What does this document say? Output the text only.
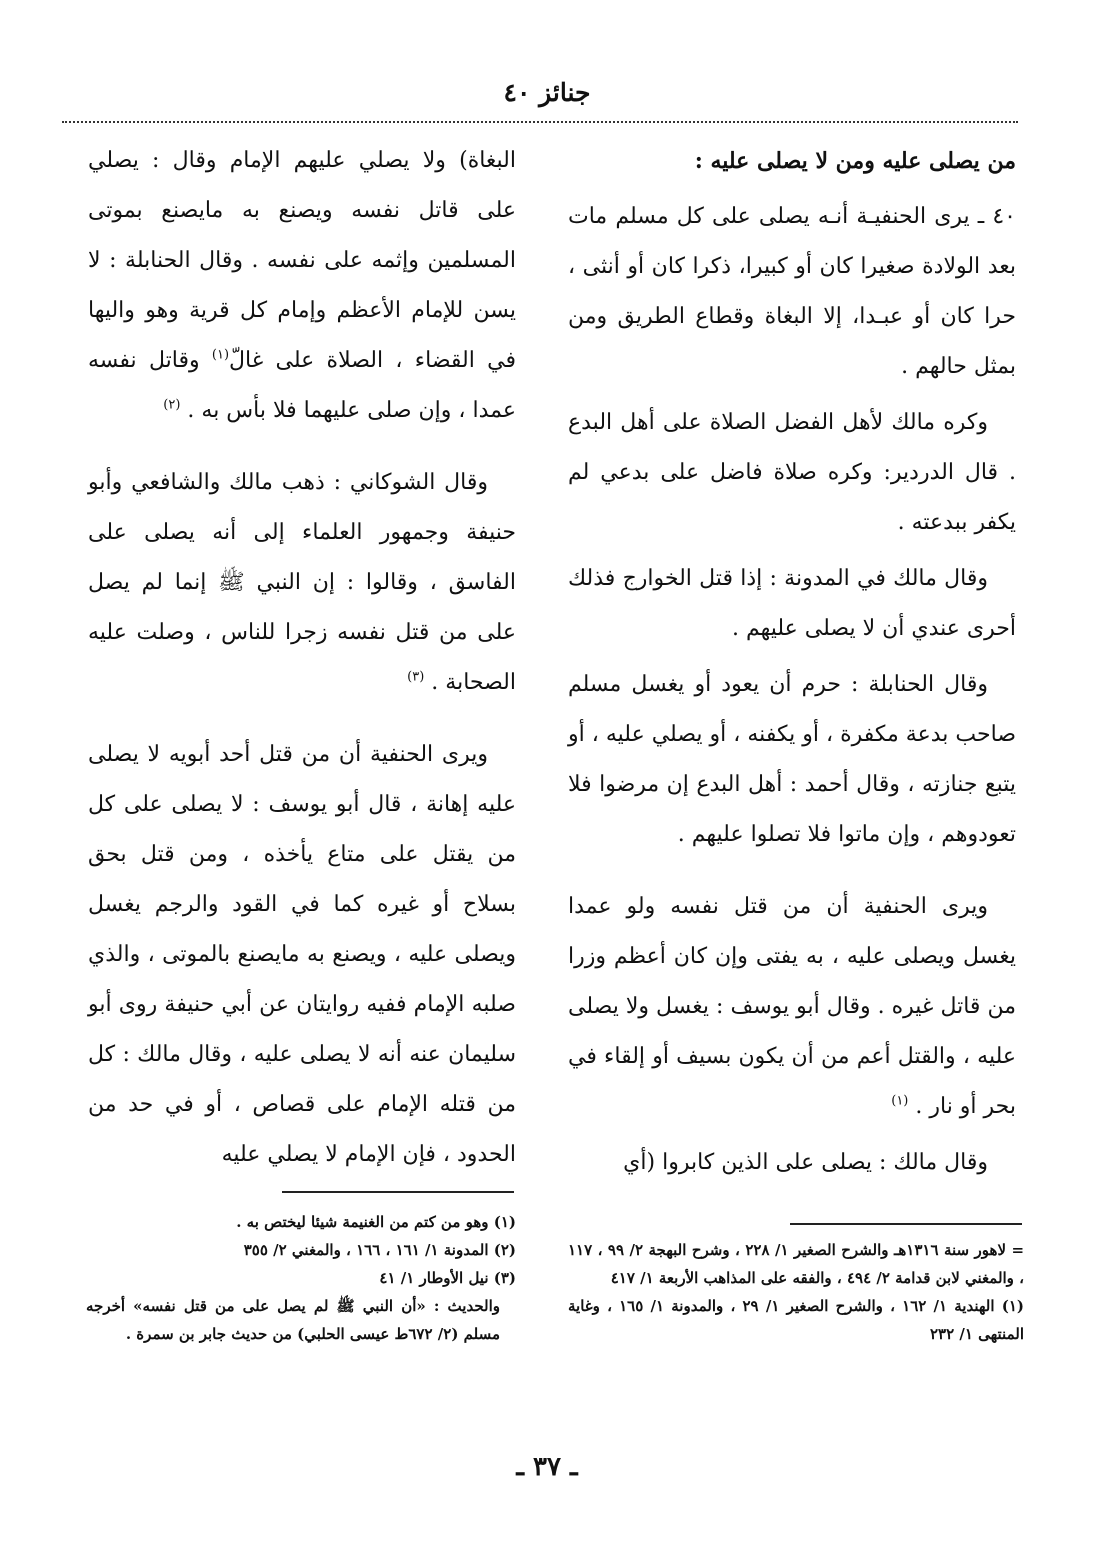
جنائز ٤٠

من يصلى عليه ومن لا يصلى عليه :

٤٠ ـ يرى الحنفيـة أنـه يصلى على كل مسلم مات بعد الولادة صغيرا كان أو كبيرا، ذكرا كان أو أنثى ، حرا كان أو عبـدا، إلا البغاة وقطاع الطريق ومن بمثل حالهم .

وكره مالك لأهل الفضل الصلاة على أهل البدع . قال الدردير: وكره صلاة فاضل على بدعي لم يكفر ببدعته .

وقال مالك في المدونة : إذا قتل الخوارج فذلك أحرى عندي أن لا يصلى عليهم .

وقال الحنابلة : حرم أن يعود أو يغسل مسلم صاحب بدعة مكفرة ، أو يكفنه ، أو يصلي عليه ، أو يتبع جنازته ، وقال أحمد : أهل البدع إن مرضوا فلا تعودوهم ، وإن ماتوا فلا تصلوا عليهم .

ويرى الحنفية أن من قتل نفسه ولو عمدا يغسل ويصلى عليه ، به يفتى وإن كان أعظم وزرا من قاتل غيره . وقال أبو يوسف : يغسل ولا يصلى عليه ، والقتل أعم من أن يكون بسيف أو إلقاء في بحر أو نار . $^{(١)}$

وقال مالك : يصلى على الذين كابروا (أي

البغاة) ولا يصلي عليهم الإمام وقال : يصلي على قاتل نفسه ويصنع به مايصنع بموتى المسلمين وإثمه على نفسه . وقال الحنابلة : لا يسن للإمام الأعظم وإمام كل قرية وهو واليها في القضاء ، الصلاة على غالّ$^{(١)}$ وقاتل نفسه عمدا ، وإن صلى عليهما فلا بأس به . $^{(٢)}$

وقال الشوكاني : ذهب مالك والشافعي وأبو حنيفة وجمهور العلماء إلى أنه يصلى على الفاسق ، وقالوا : إن النبي ﷺ إنما لم يصل على من قتل نفسه زجرا للناس ، وصلت عليه الصحابة . $^{(٣)}$

ويرى الحنفية أن من قتل أحد أبويه لا يصلى عليه إهانة ، قال أبو يوسف : لا يصلى على كل من يقتل على متاع يأخذه ، ومن قتل بحق بسلاح أو غيره كما في القود والرجم يغسل ويصلى عليه ، ويصنع به مايصنع بالموتى ، والذي صلبه الإمام ففيه روايتان عن أبي حنيفة روى أبو سليمان عنه أنه لا يصلى عليه ، وقال مالك : كل من قتله الإمام على قصاص ، أو في حد من الحدود ، فإن الإمام لا يصلي عليه

(١) وهو من كتم من الغنيمة شيئا ليختص به .

(٢) المدونة ١/ ١٦١ ، ١٦٦ ، والمغني ٢/ ٣٥٥

(٣) نيل الأوطار ١/ ٤١

والحديث : «أن النبي ﷺ لم يصل على من قتل نفسه» أخرجه مسلم (٢/ ٦٧٢ط عيسى الحلبي) من حديث جابر بن سمرة .

= لاهور سنة ١٣١٦هـ والشرح الصغير ١/ ٢٢٨ ، وشرح البهجة ٢/ ٩٩ ، ١١٧ ، والمغني لابن قدامة ٢/ ٤٩٤ ، والفقه على المذاهب الأربعة ١/ ٤١٧

(١) الهندية ١/ ١٦٢ ، والشرح الصغير ١/ ٢٩ ، والمدونة ١/ ١٦٥ ، وغاية المنتهى ١/ ٢٣٢

ـ ٣٧ ـ
